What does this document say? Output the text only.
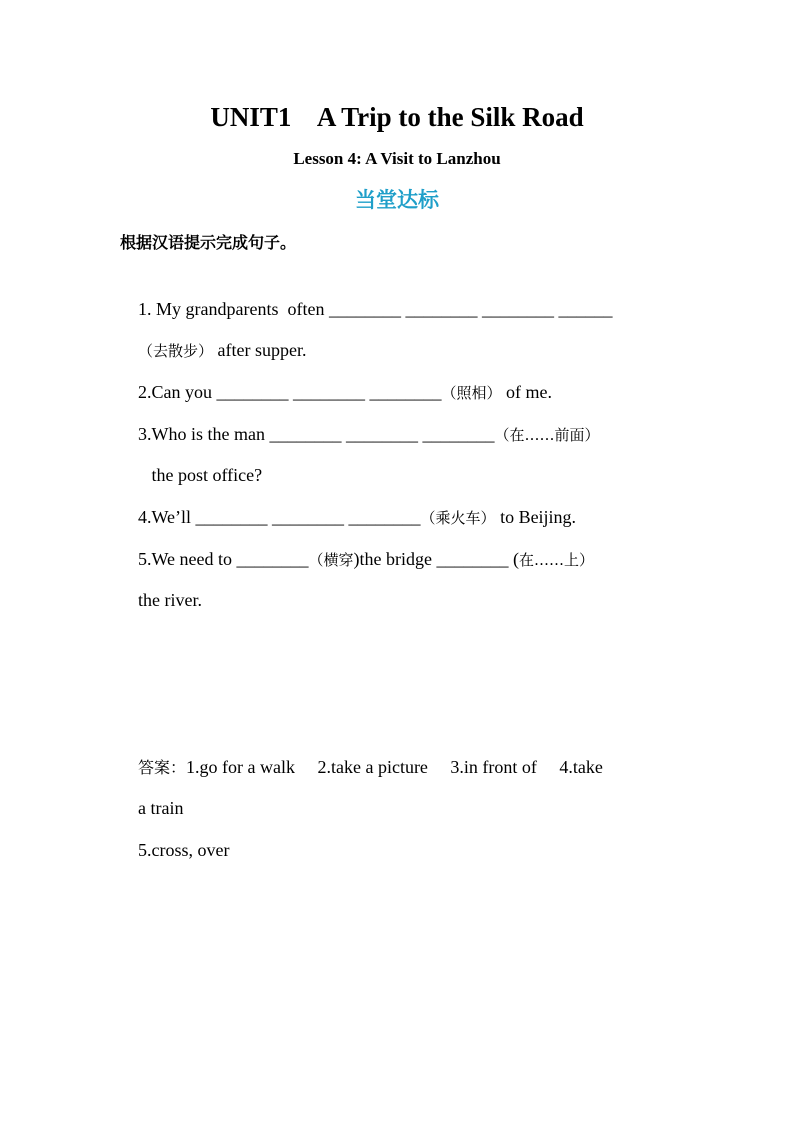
UNIT1    A Trip to the Silk Road
Lesson 4: A Visit to Lanzhou
当堂达标
根据汉语提示完成句子。

1. My grandparents  often ________ ________ ________ ______

（去散步） after supper.

2.Can you ________ ________ ________（照相） of me.

3.Who is the man ________ ________ ________（在……前面）

the post office?

4.We’ll ________ ________ ________（乘火车） to Beijing.

5.We need to ________（横穿)the bridge ________ (在……上）

the river.

答案：1.go for a walk     2.take a picture     3.in front of     4.take

a train

5.cross, over
